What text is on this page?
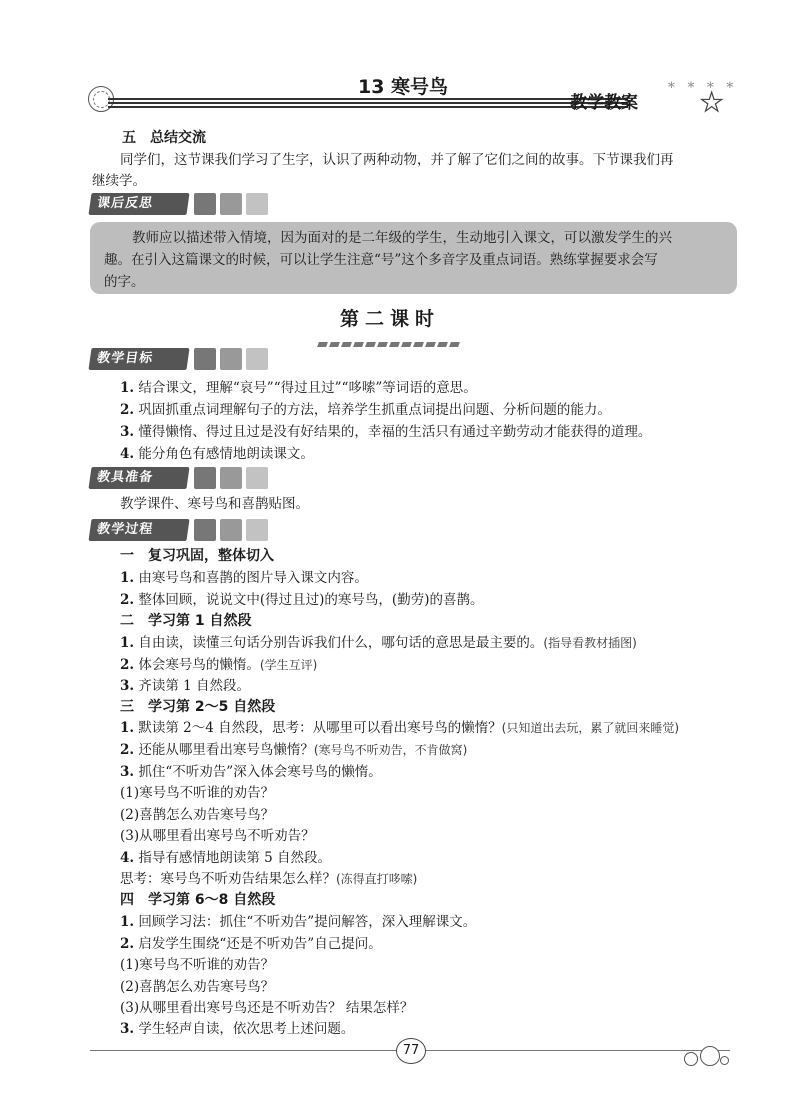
13 寒号鸟
教学教案
* * * *
★
五　总结交流
同学们，这节课我们学习了生字，认识了两种动物，并了解了它们之间的故事。下节课我们再
继续学。
课后反思
教师应以描述带入情境，因为面对的是二年级的学生，生动地引入课文，可以激发学生的兴
趣。在引入这篇课文的时候，可以让学生注意“号”这个多音字及重点词语。熟练掌握要求会写
的字。
第二课时
教学目标
1. 结合课文，理解“哀号”“得过且过”“哆嗦”等词语的意思。
2. 巩固抓重点词理解句子的方法，培养学生抓重点词提出问题、分析问题的能力。
3. 懂得懒惰、得过且过是没有好结果的，幸福的生活只有通过辛勤劳动才能获得的道理。
4. 能分角色有感情地朗读课文。
教具准备
教学课件、寒号鸟和喜鹊贴图。
教学过程
一　复习巩固，整体切入
1. 由寒号鸟和喜鹊的图片导入课文内容。
2. 整体回顾，说说文中(得过且过)的寒号鸟，(勤劳)的喜鹊。
二　学习第 1 自然段
1. 自由读，读懂三句话分别告诉我们什么，哪句话的意思是最主要的。(指导看教材插图)
2. 体会寒号鸟的懒惰。(学生互评)
3. 齐读第 1 自然段。
三　学习第 2～5 自然段
1. 默读第 2～4 自然段，思考：从哪里可以看出寒号鸟的懒惰？(只知道出去玩，累了就回来睡觉)
2. 还能从哪里看出寒号鸟懒惰？(寒号鸟不听劝告，不肯做窝)
3. 抓住“不听劝告”深入体会寒号鸟的懒惰。
(1)寒号鸟不听谁的劝告？
(2)喜鹊怎么劝告寒号鸟？
(3)从哪里看出寒号鸟不听劝告？
4. 指导有感情地朗读第 5 自然段。
思考：寒号鸟不听劝告结果怎么样？(冻得直打哆嗦)
四　学习第 6～8 自然段
1. 回顾学习法：抓住“不听劝告”提问解答，深入理解课文。
2. 启发学生围绕“还是不听劝告”自己提问。
(1)寒号鸟不听谁的劝告？
(2)喜鹊怎么劝告寒号鸟？
(3)从哪里看出寒号鸟还是不听劝告？ 结果怎样？
3. 学生轻声自读，依次思考上述问题。
77
